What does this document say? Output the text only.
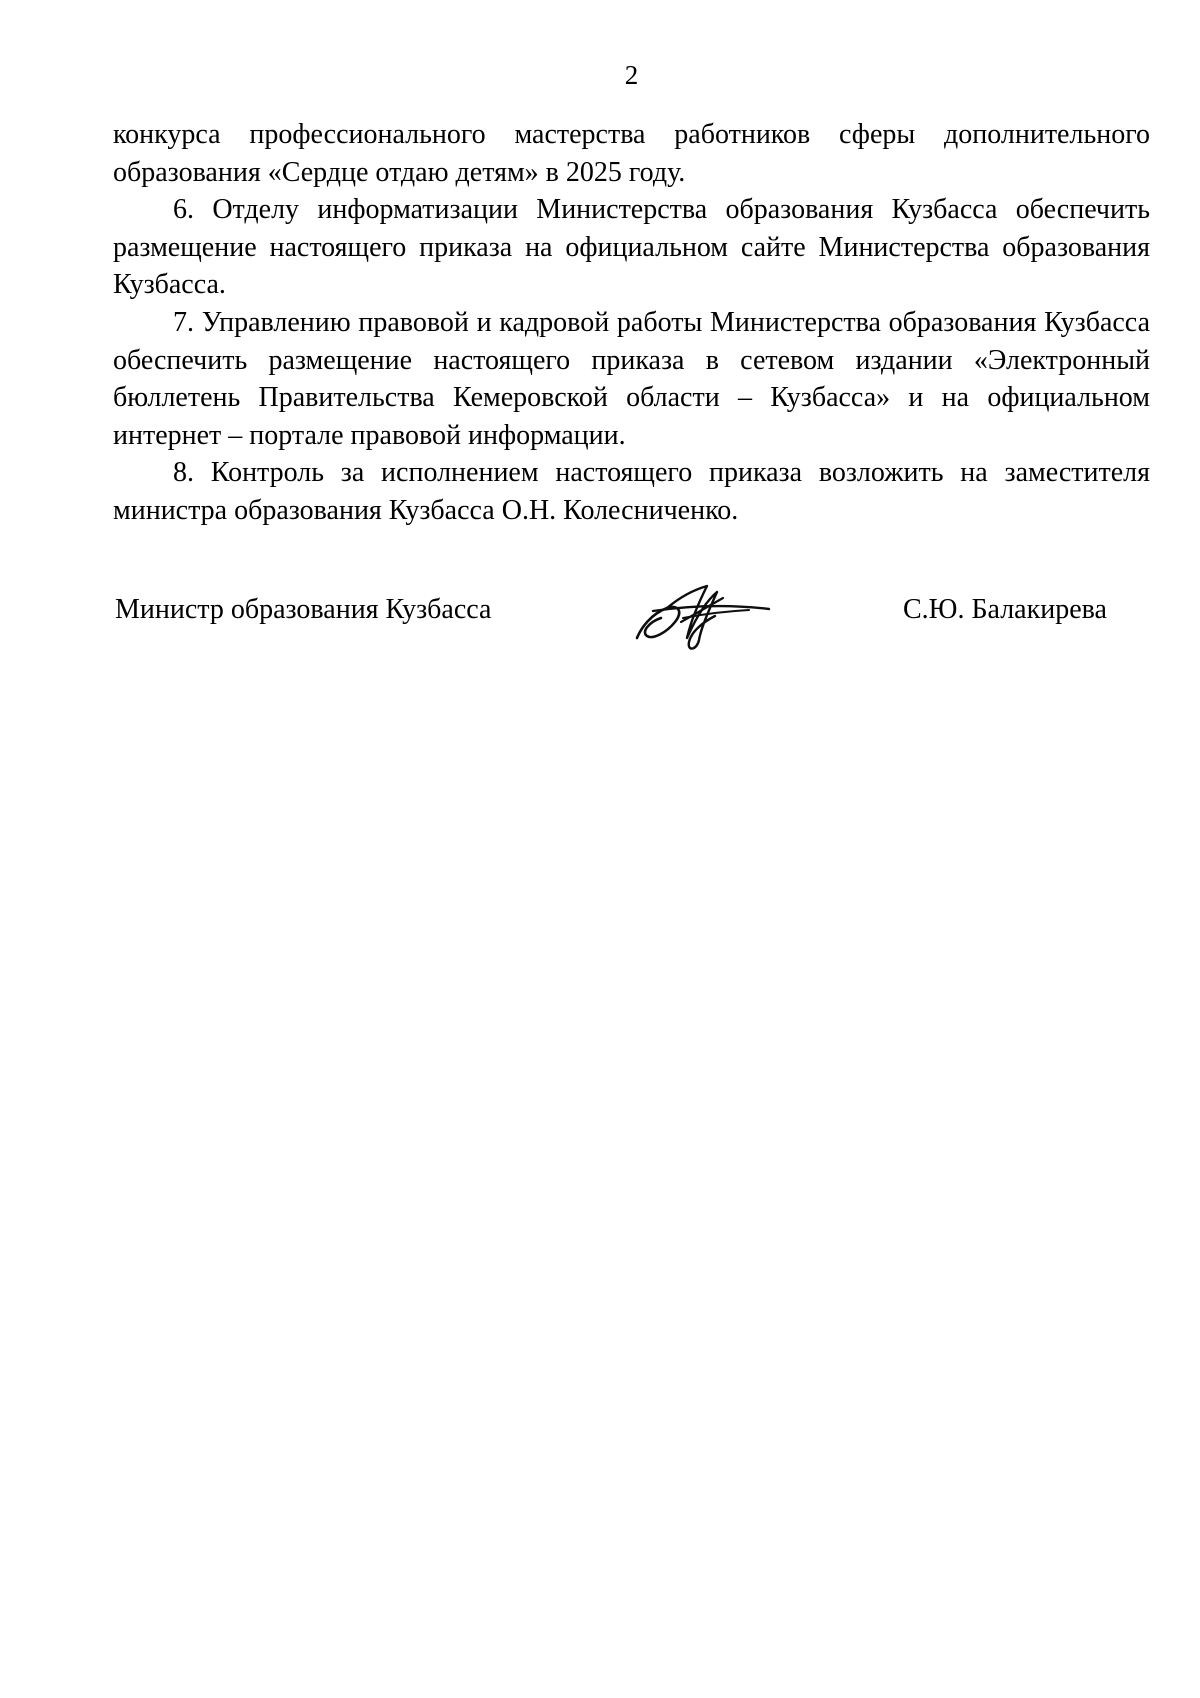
2

конкурса профессионального мастерства работников сферы дополнительного образования «Сердце отдаю детям» в 2025 году.

6. Отделу информатизации Министерства образования Кузбасса обеспечить размещение настоящего приказа на официальном сайте Министерства образования Кузбасса.

7. Управлению правовой и кадровой работы Министерства образования Кузбасса обеспечить размещение настоящего приказа в сетевом издании «Электронный бюллетень Правительства Кемеровской области – Кузбасса» и на официальном интернет – портале правовой информации.

8. Контроль за исполнением настоящего приказа возложить на заместителя министра образования Кузбасса О.Н. Колесниченко.

Министр образования Кузбасса	С.Ю. Балакирева
